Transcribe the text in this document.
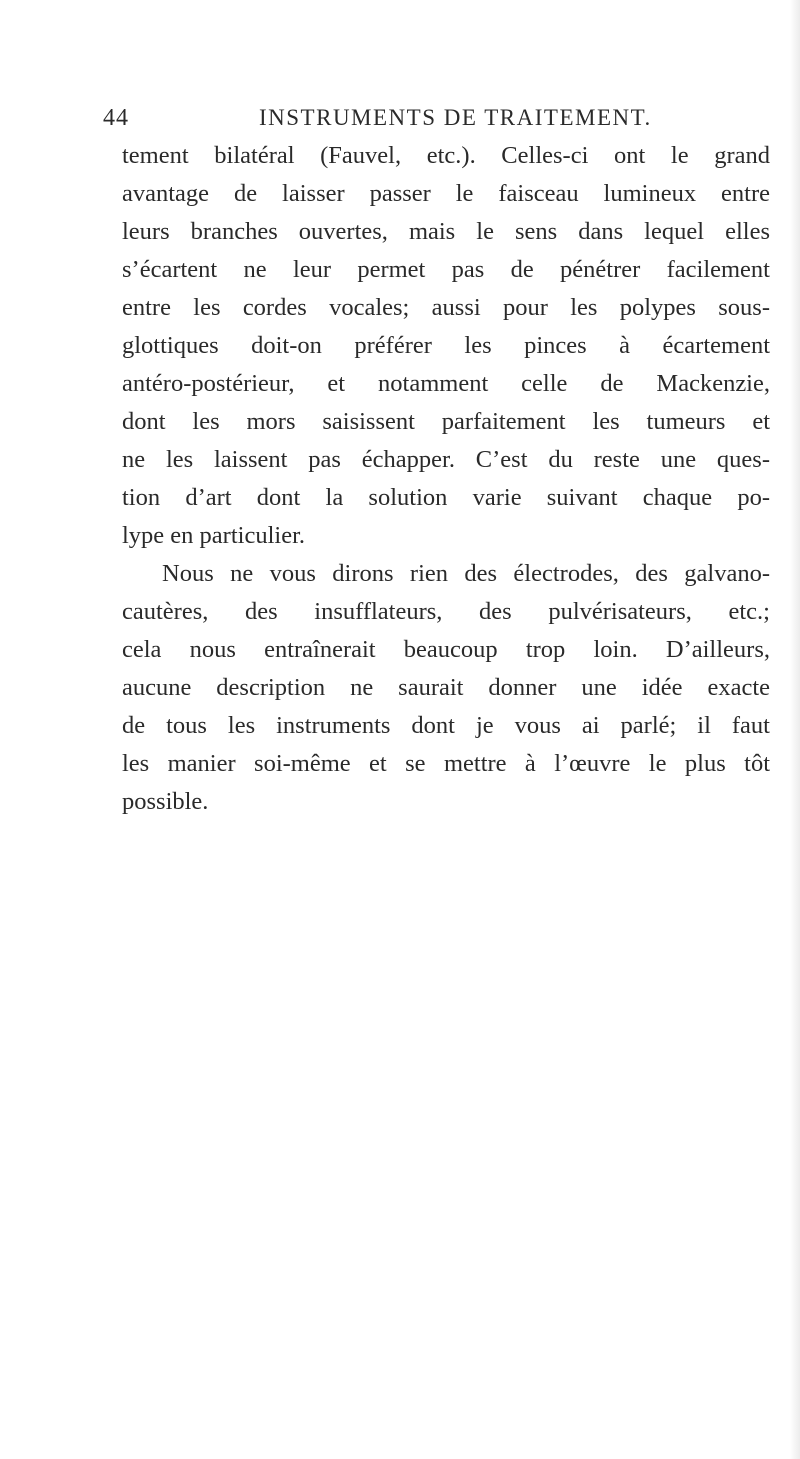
44	INSTRUMENTS DE TRAITEMENT.
tement bilatéral (Fauvel, etc.). Celles-ci ont le grand
avantage de laisser passer le faisceau lumineux entre
leurs branches ouvertes, mais le sens dans lequel elles
s’écartent ne leur permet pas de pénétrer facilement
entre les cordes vocales; aussi pour les polypes sous-
glottiques doit-on préférer les pinces à écartement
antéro-postérieur, et notamment celle de Mackenzie,
dont les mors saisissent parfaitement les tumeurs et
ne les laissent pas échapper. C’est du reste une ques-
tion d’art dont la solution varie suivant chaque po-
lype en particulier.
Nous ne vous dirons rien des électrodes, des galvano-
cautères, des insufflateurs, des pulvérisateurs, etc.;
cela nous entraînerait beaucoup trop loin. D’ailleurs,
aucune description ne saurait donner une idée exacte
de tous les instruments dont je vous ai parlé; il faut
les manier soi-même et se mettre à l’œuvre le plus tôt
possible.
